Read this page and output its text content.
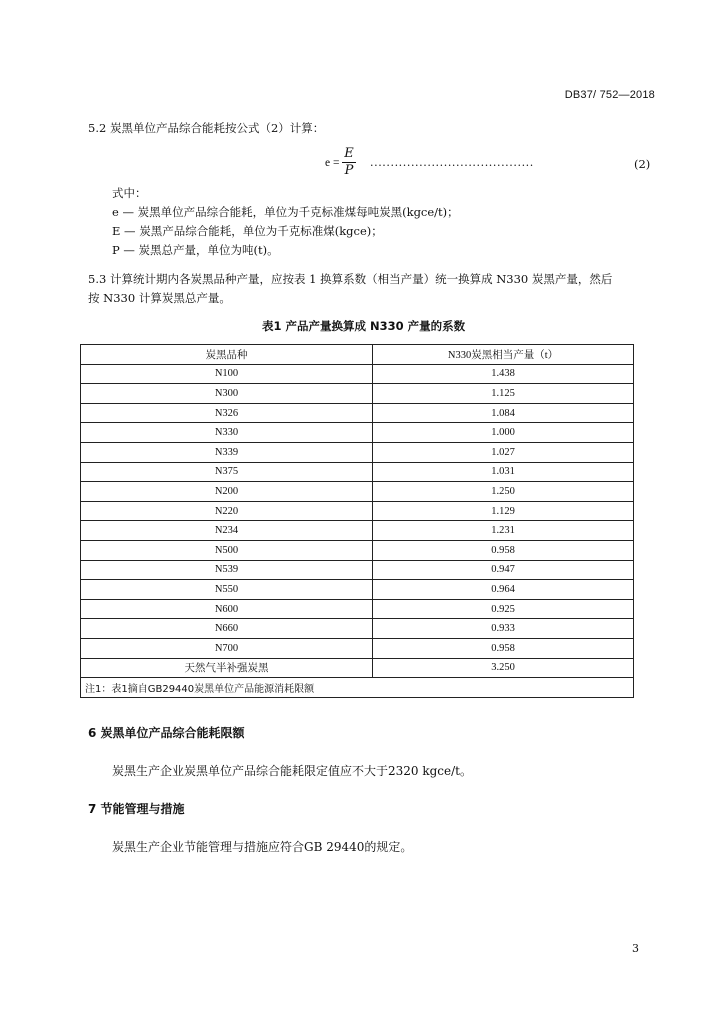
DB37/ 752—2018
5.2 炭黑单位产品综合能耗按公式（2）计算：
e =
E
P
........................................	(2)
式中：
e — 炭黑单位产品综合能耗，单位为千克标准煤每吨炭黑(kgce/t)；
E — 炭黑产品综合能耗，单位为千克标准煤(kgce)；
P — 炭黑总产量，单位为吨(t)。
5.3 计算统计期内各炭黑品种产量，应按表 1 换算系数（相当产量）统一换算成 N330 炭黑产量，然后
按 N330 计算炭黑总产量。
表1 产品产量换算成 N330 产量的系数
炭黑品种	N330炭黑相当产量（t）
N100	1.438
N300	1.125
N326	1.084
N330	1.000
N339	1.027
N375	1.031
N200	1.250
N220	1.129
N234	1.231
N500	0.958
N539	0.947
N550	0.964
N600	0.925
N660	0.933
N700	0.958
天然气半补强炭黑	3.250
注1：表1摘自GB29440炭黑单位产品能源消耗限额	
6 炭黑单位产品综合能耗限额
炭黑生产企业炭黑单位产品综合能耗限定值应不大于2320 kgce/t。
7 节能管理与措施
炭黑生产企业节能管理与措施应符合GB 29440的规定。
3
